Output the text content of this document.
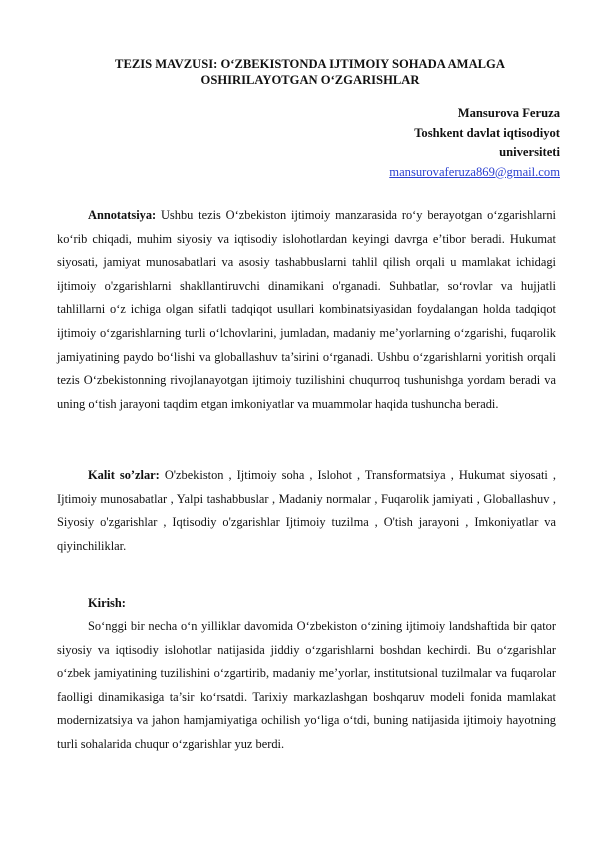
TEZIS MAVZUSI: O‘ZBEKISTONDA IJTIMOIY SOHADA AMALGA
OSHIRILAYOTGAN O‘ZGARISHLAR
Mansurova Feruza
Toshkent davlat iqtisodiyot
universiteti
mansurovaferuza869@gmail.com

Annotatsiya: Ushbu tezis O‘zbekiston ijtimoiy manzarasida ro‘y berayotgan o‘zgarishlarni ko‘rib chiqadi, muhim siyosiy va iqtisodiy islohotlardan keyingi davrga e’tibor beradi. Hukumat siyosati, jamiyat munosabatlari va asosiy tashabbuslarni tahlil qilish orqali u mamlakat ichidagi ijtimoiy o'zgarishlarni shakllantiruvchi dinamikani o'rganadi. Suhbatlar, so‘rovlar va hujjatli tahlillarni o‘z ichiga olgan sifatli tadqiqot usullari kombinatsiyasidan foydalangan holda tadqiqot ijtimoiy o‘zgarishlarning turli o‘lchovlarini, jumladan, madaniy me’yorlarning o‘zgarishi, fuqarolik jamiyatining paydo bo‘lishi va globallashuv ta’sirini o‘rganadi. Ushbu o‘zgarishlarni yoritish orqali tezis O‘zbekistonning rivojlanayotgan ijtimoiy tuzilishini chuqurroq tushunishga yordam beradi va uning o‘tish jarayoni taqdim etgan imkoniyatlar va muammolar haqida tushuncha beradi.

Kalit so’zlar: O'zbekiston , Ijtimoiy soha , Islohot , Transformatsiya , Hukumat siyosati , Ijtimoiy munosabatlar , Yalpi tashabbuslar , Madaniy normalar , Fuqarolik jamiyati , Globallashuv , Siyosiy o'zgarishlar , Iqtisodiy o'zgarishlar Ijtimoiy tuzilma , O'tish jarayoni , Imkoniyatlar va qiyinchiliklar.

Kirish:

So‘nggi bir necha o‘n yilliklar davomida O‘zbekiston o‘zining ijtimoiy landshaftida bir qator siyosiy va iqtisodiy islohotlar natijasida jiddiy o‘zgarishlarni boshdan kechirdi. Bu o‘zgarishlar o‘zbek jamiyatining tuzilishini o‘zgartirib, madaniy me’yorlar, institutsional tuzilmalar va fuqarolar faolligi dinamikasiga ta’sir ko‘rsatdi. Tarixiy markazlashgan boshqaruv modeli fonida mamlakat modernizatsiya va jahon hamjamiyatiga ochilish yo‘liga o‘tdi, buning natijasida ijtimoiy hayotning turli sohalarida chuqur o‘zgarishlar yuz berdi.
